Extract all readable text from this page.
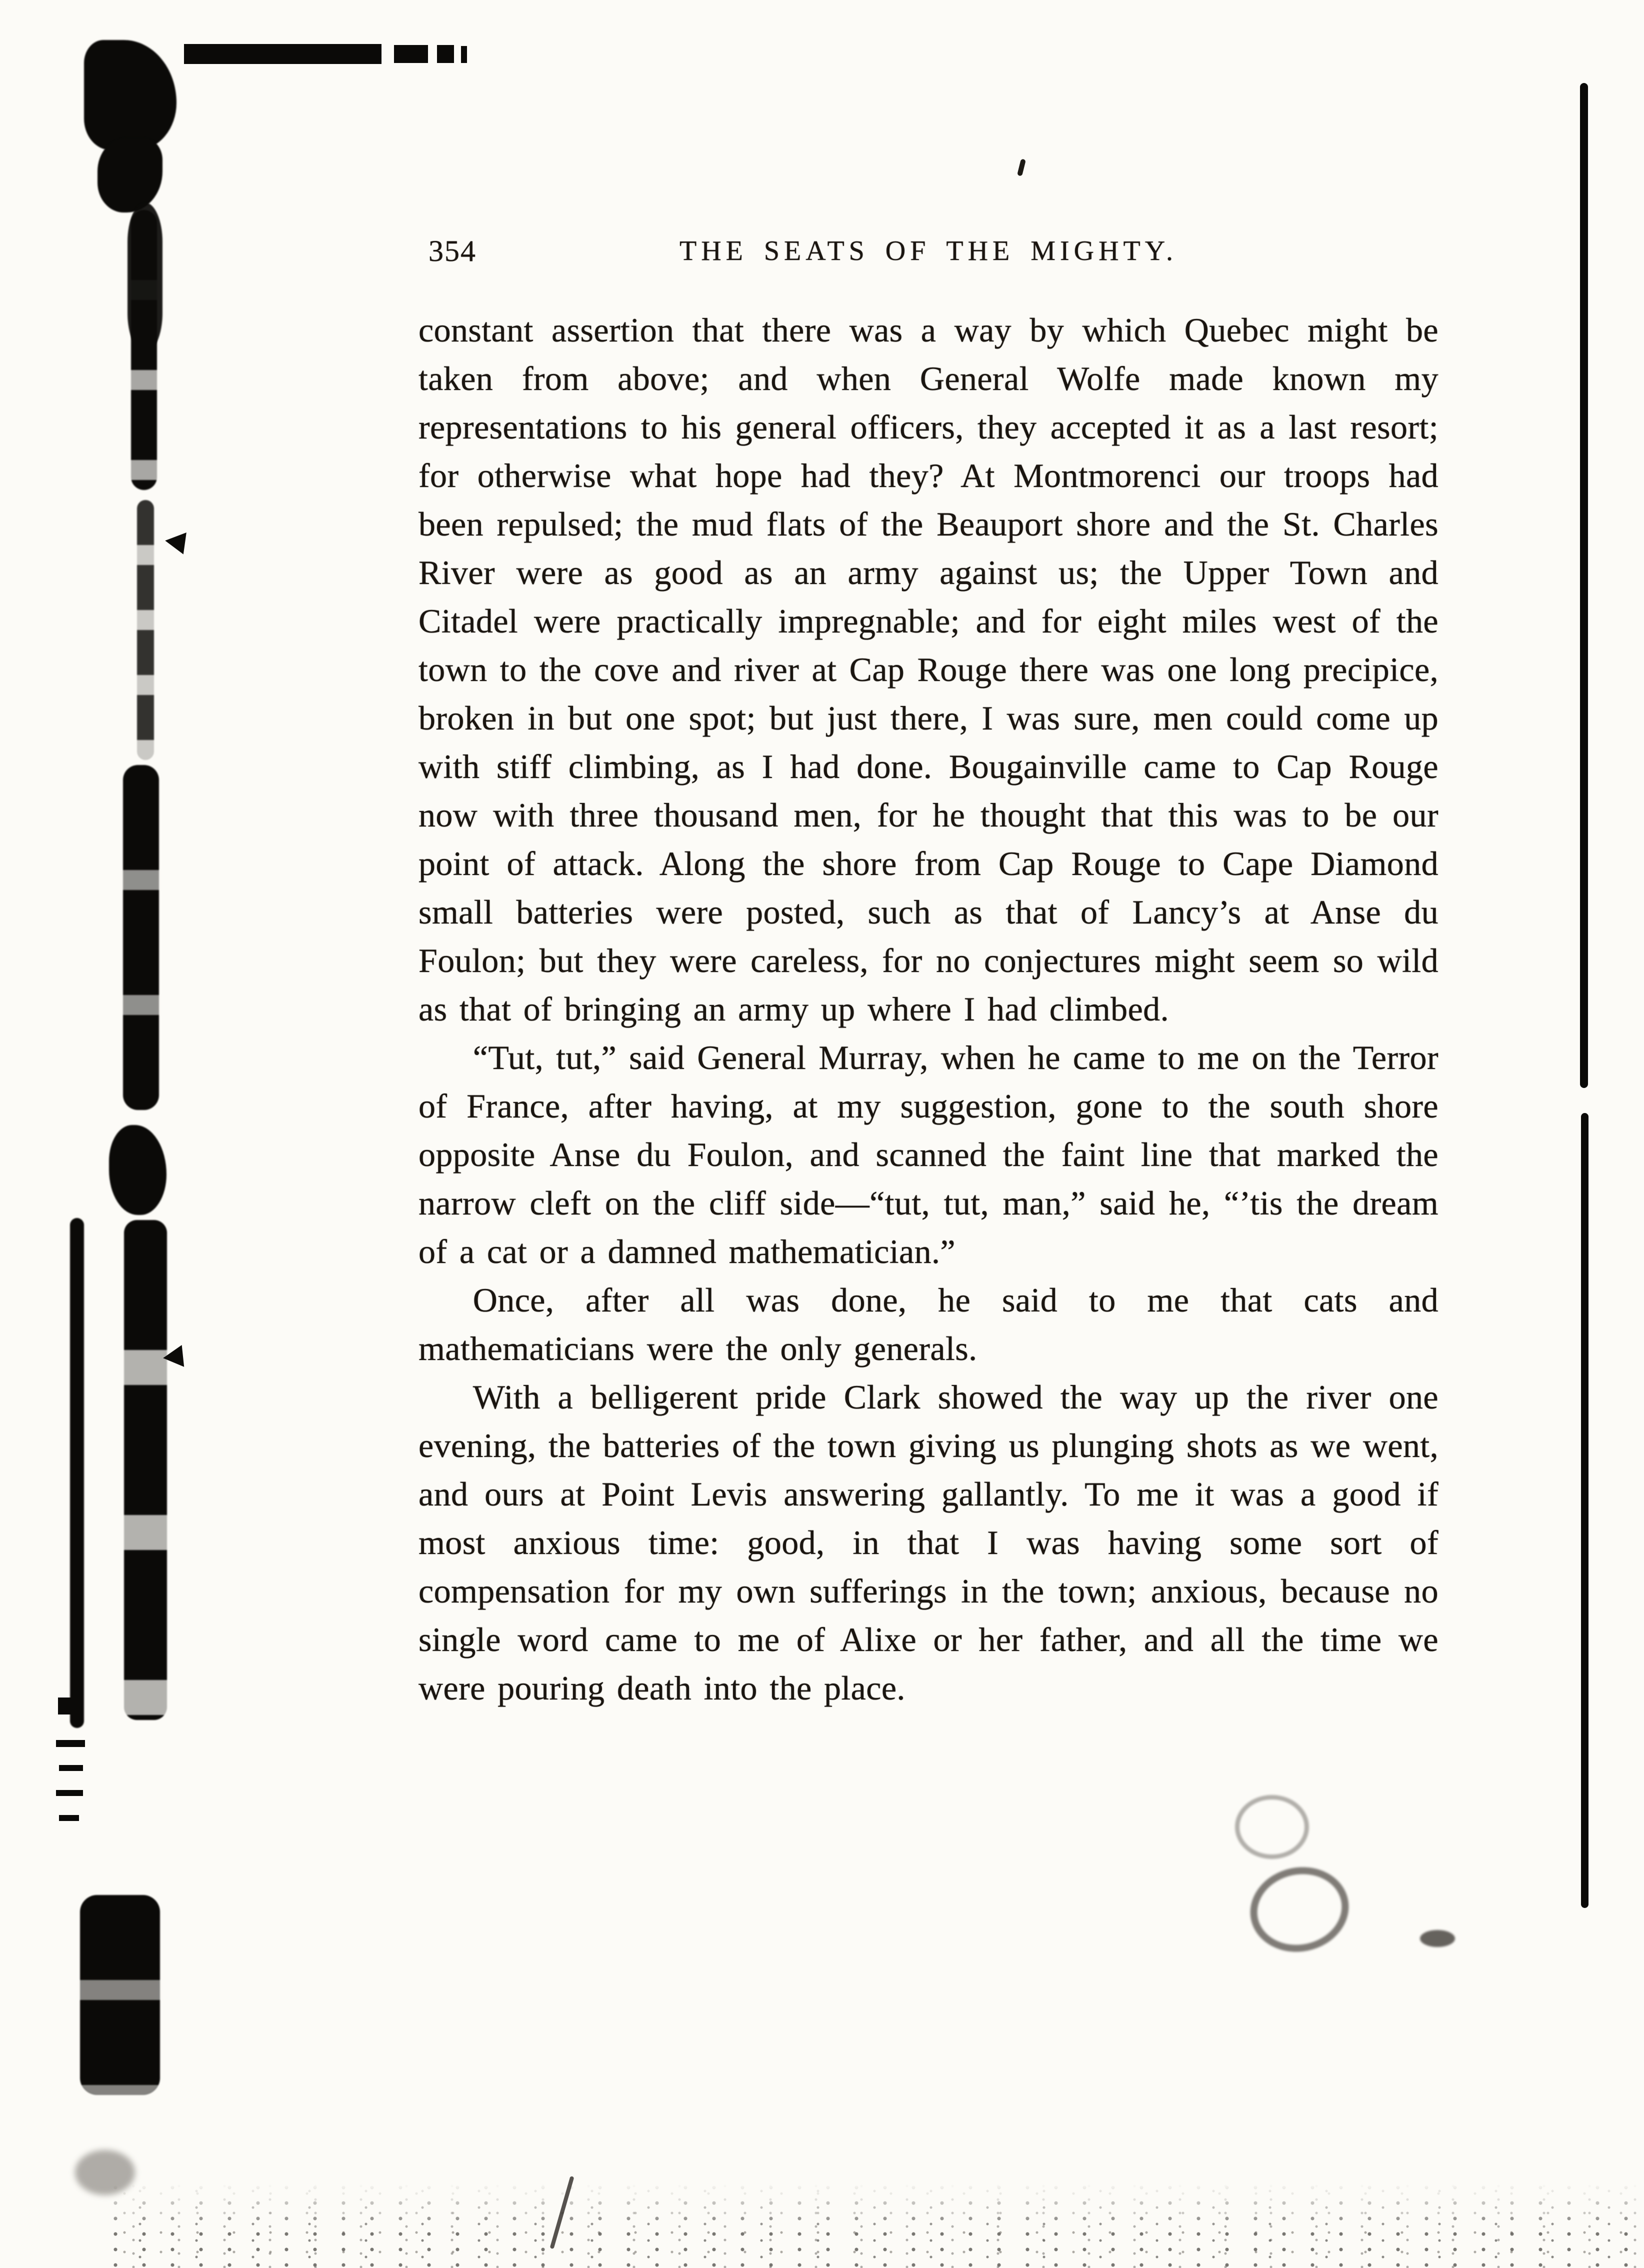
354	THE SEATS OF THE MIGHTY.

constant assertion that there was a way by which Quebec might be taken from above; and when General Wolfe made known my representations to his general officers, they accepted it as a last resort; for otherwise what hope had they? At Montmorenci our troops had been repulsed; the mud flats of the Beauport shore and the St. Charles River were as good as an army against us; the Upper Town and Citadel were practically impregnable; and for eight miles west of the town to the cove and river at Cap Rouge there was one long precipice, broken in but one spot; but just there, I was sure, men could come up with stiff climbing, as I had done. Bougainville came to Cap Rouge now with three thousand men, for he thought that this was to be our point of attack. Along the shore from Cap Rouge to Cape Diamond small batteries were posted, such as that of Lancy’s at Anse du Foulon; but they were careless, for no conjectures might seem so wild as that of bringing an army up where I had climbed.

“Tut, tut,” said General Murray, when he came to me on the Terror of France, after having, at my suggestion, gone to the south shore opposite Anse du Foulon, and scanned the faint line that marked the narrow cleft on the cliff side—“tut, tut, man,” said he, “’tis the dream of a cat or a damned mathematician.”

Once, after all was done, he said to me that cats and mathematicians were the only generals.

With a belligerent pride Clark showed the way up the river one evening, the batteries of the town giving us plunging shots as we went, and ours at Point Levis answering gallantly. To me it was a good if most anxious time: good, in that I was having some sort of compensation for my own sufferings in the town; anxious, because no single word came to me of Alixe or her father, and all the time we were pouring death into the place.
